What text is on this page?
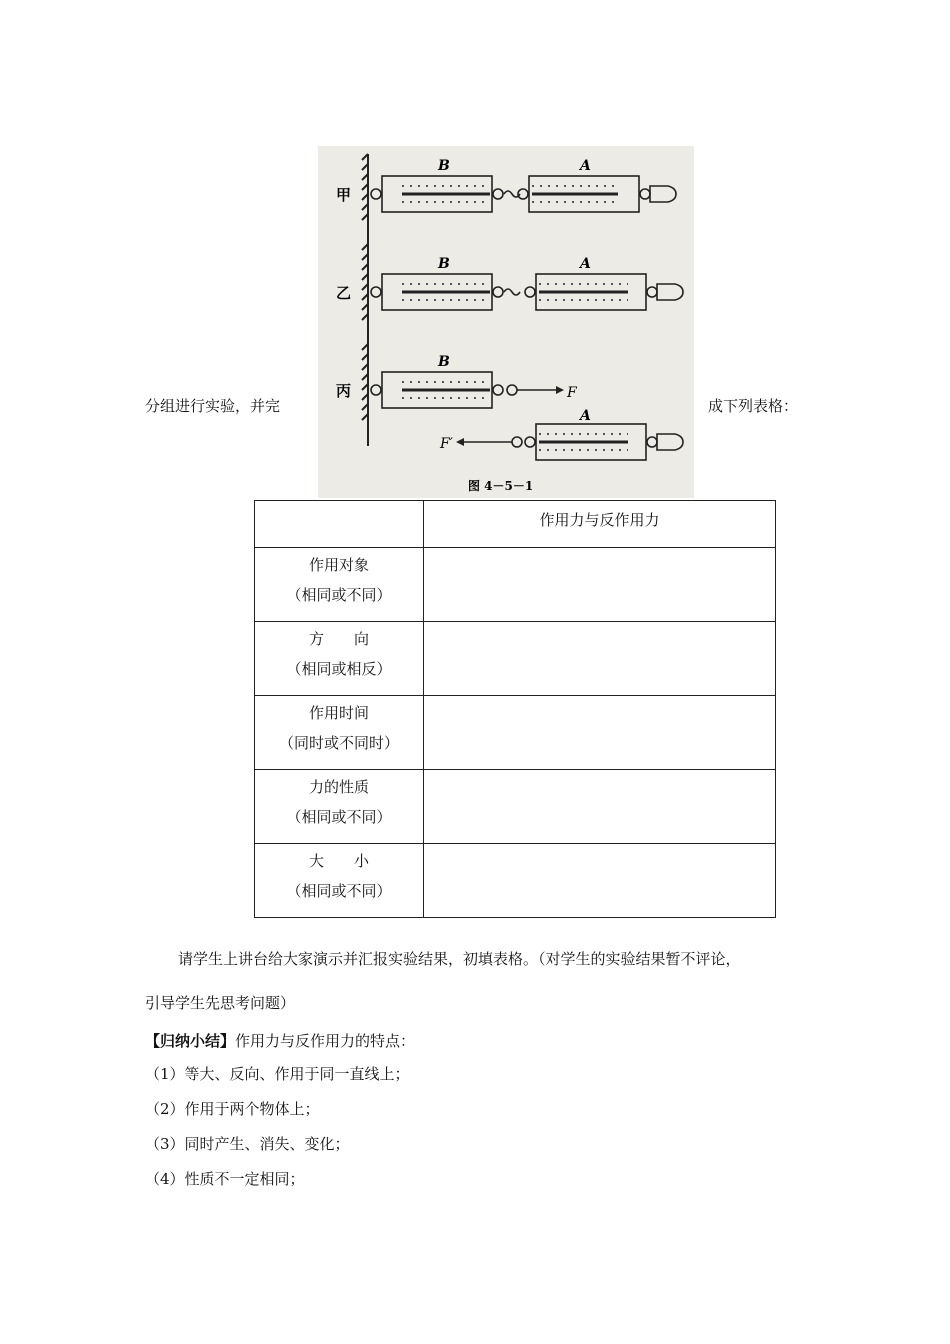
分组进行实验，并完
甲
乙
丙
B	A
B	A
F
B
F′
A
图 4－5－1
成下列表格：
	作用力与反作用力

作用对象
（相同或不同）	

方　　向
（相同或相反）	

作用时间
（同时或不同时）	

力的性质
（相同或不同）	

大　　小
（相同或不同）	

请学生上讲台给大家演示并汇报实验结果，初填表格。（对学生的实验结果暂不评论，
引导学生先思考问题）
【归纳小结】作用力与反作用力的特点：
（1）等大、反向、作用于同一直线上；
（2）作用于两个物体上；
（3）同时产生、消失、变化；
（4）性质不一定相同；
